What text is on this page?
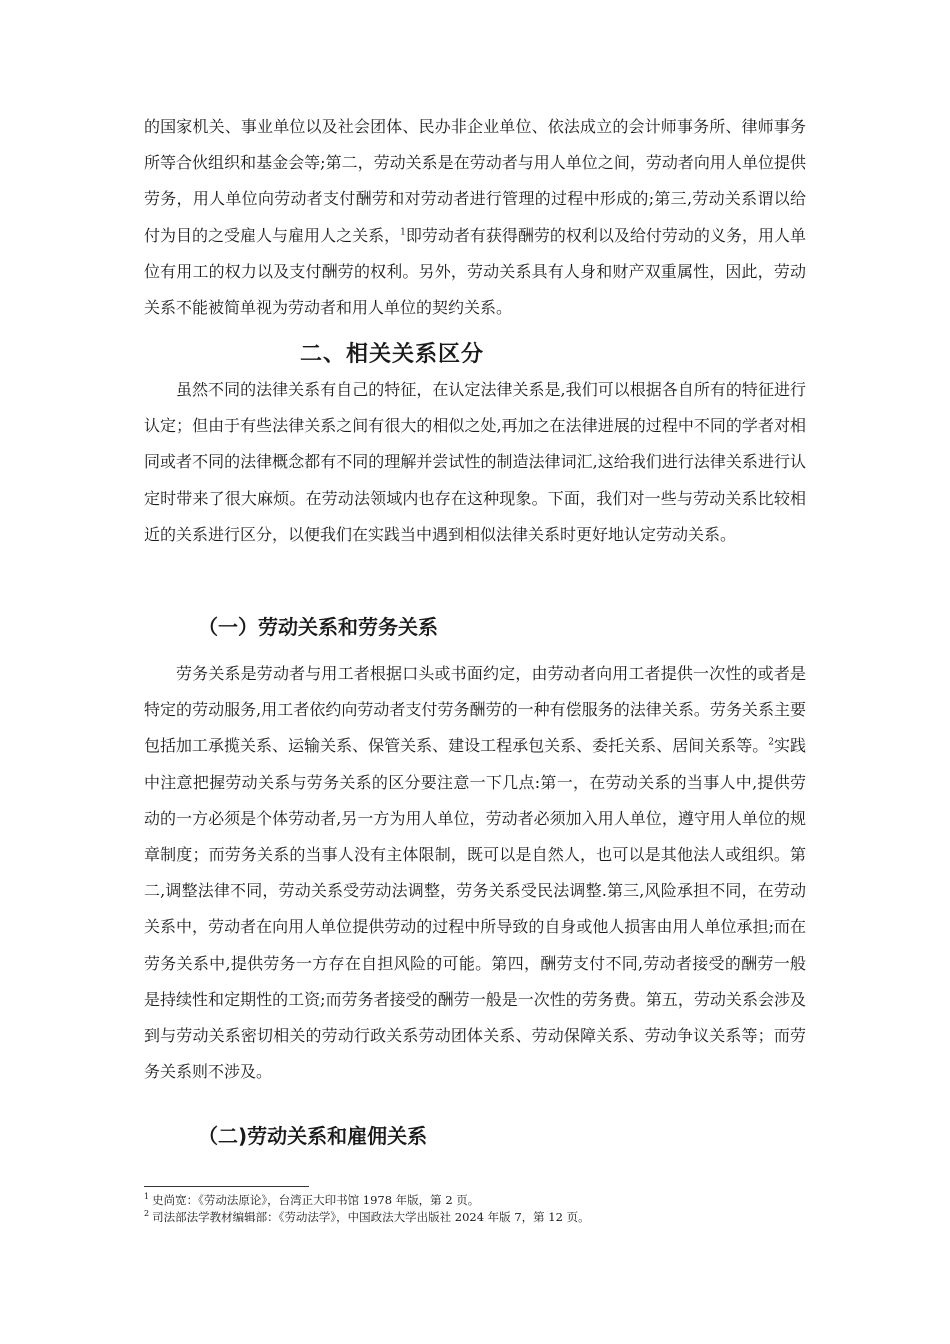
的国家机关、事业单位以及社会团体、民办非企业单位、依法成立的会计师事务所、律师事务所等合伙组织和基金会等;第二，劳动关系是在劳动者与用人单位之间，劳动者向用人单位提供劳务，用人单位向劳动者支付酬劳和对劳动者进行管理的过程中形成的;第三,劳动关系谓以给付为目的之受雇人与雇用人之关系，$^1$即劳动者有获得酬劳的权利以及给付劳动的义务，用人单位有用工的权力以及支付酬劳的权利。另外，劳动关系具有人身和财产双重属性，因此，劳动关系不能被简单视为劳动者和用人单位的契约关系。

二、相关关系区分

虽然不同的法律关系有自己的特征，在认定法律关系是,我们可以根据各自所有的特征进行认定；但由于有些法律关系之间有很大的相似之处,再加之在法律进展的过程中不同的学者对相同或者不同的法律概念都有不同的理解并尝试性的制造法律词汇,这给我们进行法律关系进行认定时带来了很大麻烦。在劳动法领域内也存在这种现象。下面，我们对一些与劳动关系比较相近的关系进行区分，以便我们在实践当中遇到相似法律关系时更好地认定劳动关系。

（一）劳动关系和劳务关系

劳务关系是劳动者与用工者根据口头或书面约定，由劳动者向用工者提供一次性的或者是特定的劳动服务,用工者依约向劳动者支付劳务酬劳的一种有偿服务的法律关系。劳务关系主要包括加工承揽关系、运输关系、保管关系、建设工程承包关系、委托关系、居间关系等。$^2$实践中注意把握劳动关系与劳务关系的区分要注意一下几点:第一，在劳动关系的当事人中,提供劳动的一方必须是个体劳动者,另一方为用人单位，劳动者必须加入用人单位，遵守用人单位的规章制度；而劳务关系的当事人没有主体限制，既可以是自然人，也可以是其他法人或组织。第二,调整法律不同，劳动关系受劳动法调整，劳务关系受民法调整.第三,风险承担不同，在劳动关系中，劳动者在向用人单位提供劳动的过程中所导致的自身或他人损害由用人单位承担;而在劳务关系中,提供劳务一方存在自担风险的可能。第四，酬劳支付不同,劳动者接受的酬劳一般是持续性和定期性的工资;而劳务者接受的酬劳一般是一次性的劳务费。第五，劳动关系会涉及到与劳动关系密切相关的劳动行政关系劳动团体关系、劳动保障关系、劳动争议关系等；而劳务关系则不涉及。

（二)劳动关系和雇佣关系

$^1$ 史尚宽：《劳动法原论》，台湾正大印书馆 1978 年版，第 2 页。

$^2$ 司法部法学教材编辑部：《劳动法学》，中国政法大学出版社 2024 年版 7，第 12 页。
